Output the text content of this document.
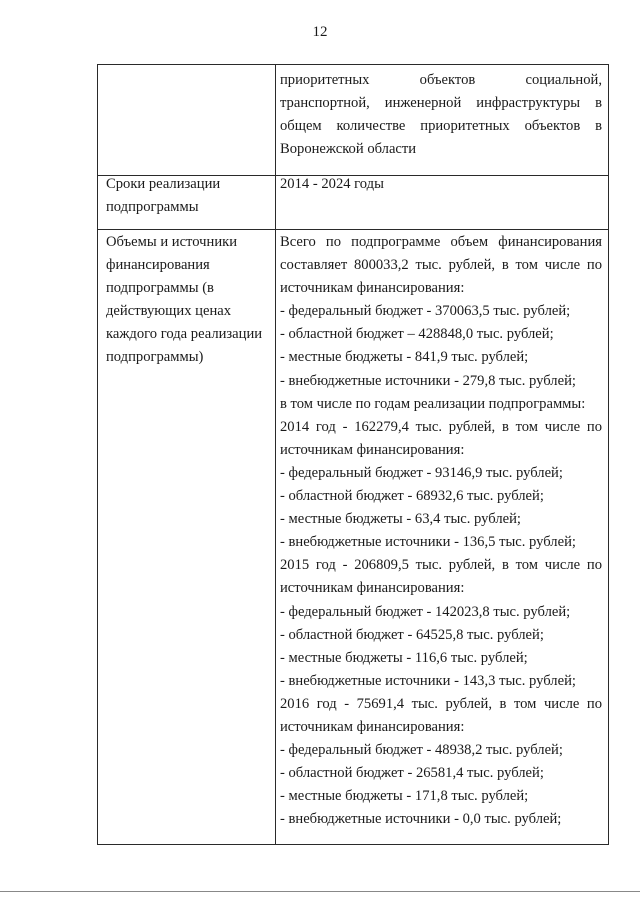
12
приоритетных объектов социальной,
транспортной, инженерной инфраструктуры в
общем количестве приоритетных объектов в
Воронежской области
Сроки реализации
подпрограммы
2014 - 2024 годы
Объемы и источники
финансирования
подпрограммы (в
действующих ценах
каждого года реализации
подпрограммы)
Всего по подпрограмме объем финансирования
составляет 800033,2 тыс. рублей, в том числе по
источникам финансирования:
- федеральный бюджет - 370063,5 тыс. рублей;
- областной бюджет – 428848,0 тыс. рублей;
- местные бюджеты - 841,9 тыс. рублей;
- внебюджетные источники - 279,8 тыс. рублей;
в том числе по годам реализации подпрограммы:
2014 год - 162279,4 тыс. рублей, в том числе по
источникам финансирования:
- федеральный бюджет - 93146,9 тыс. рублей;
- областной бюджет - 68932,6 тыс. рублей;
- местные бюджеты - 63,4 тыс. рублей;
- внебюджетные источники - 136,5 тыс. рублей;
2015 год - 206809,5 тыс. рублей, в том числе по
источникам финансирования:
- федеральный бюджет - 142023,8 тыс. рублей;
- областной бюджет - 64525,8 тыс. рублей;
- местные бюджеты - 116,6 тыс. рублей;
- внебюджетные источники - 143,3 тыс. рублей;
2016 год - 75691,4 тыс. рублей, в том числе по
источникам финансирования:
- федеральный бюджет - 48938,2 тыс. рублей;
- областной бюджет - 26581,4 тыс. рублей;
- местные бюджеты - 171,8 тыс. рублей;
- внебюджетные источники - 0,0 тыс. рублей;
